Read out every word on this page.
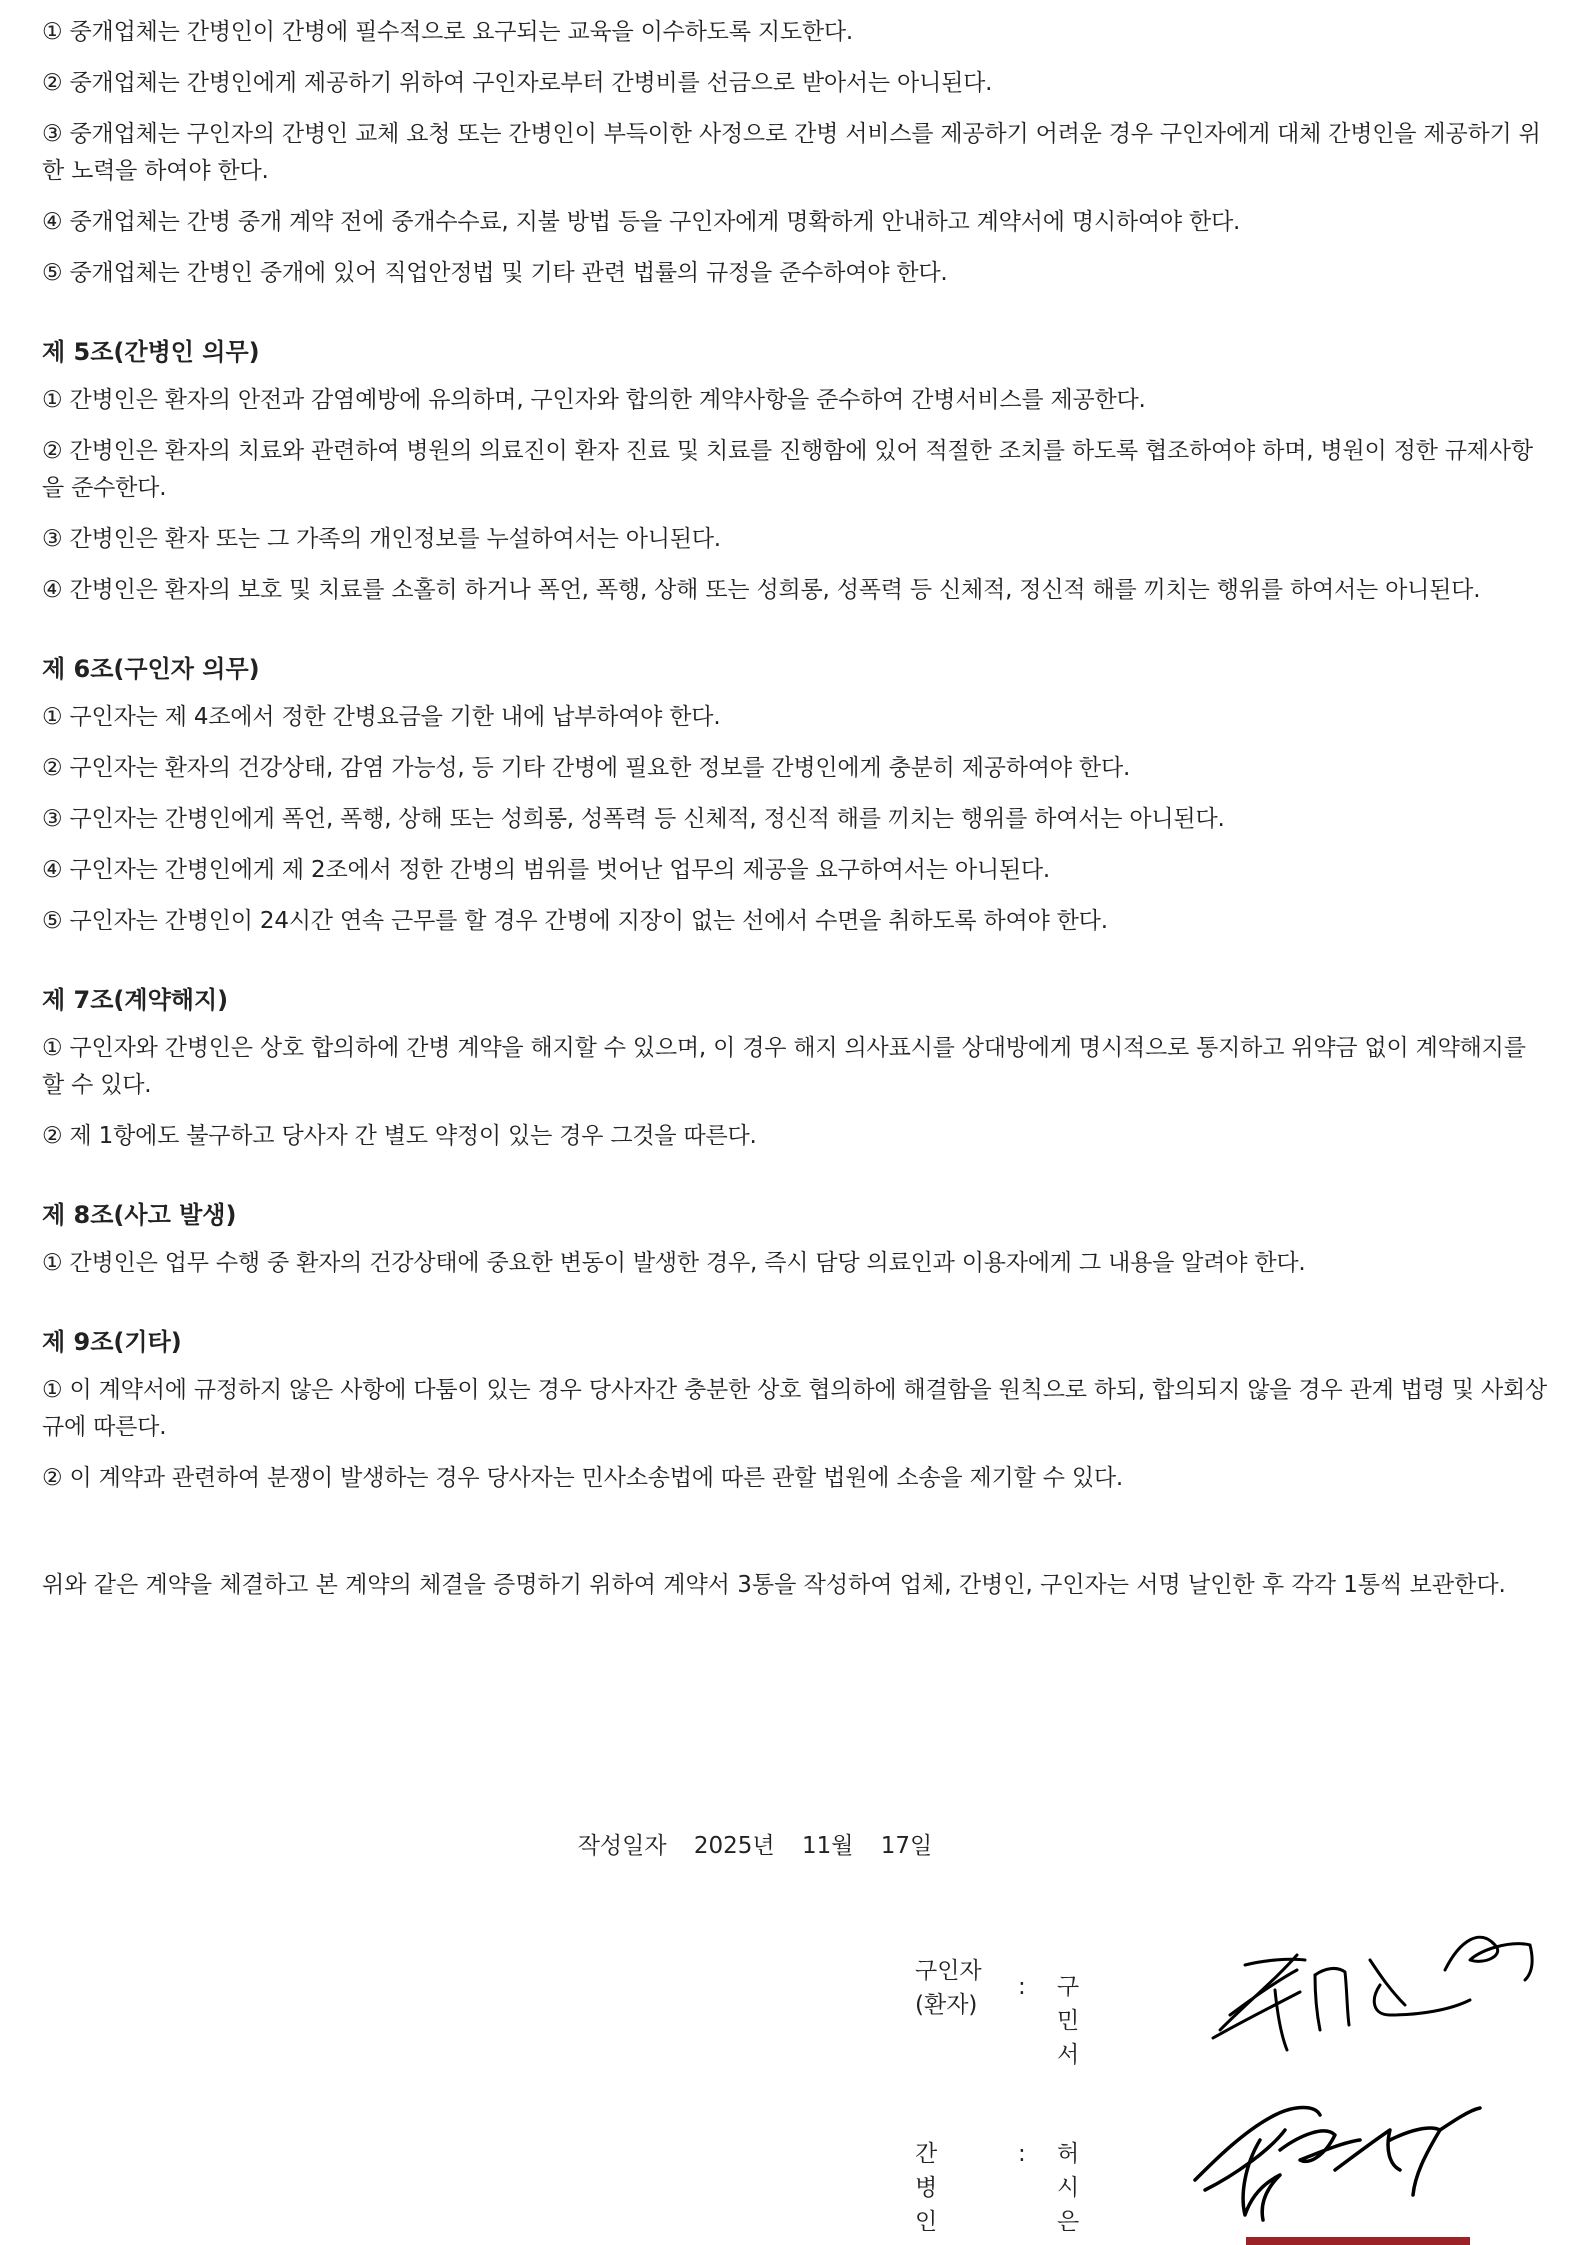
① 중개업체는 간병인이 간병에 필수적으로 요구되는 교육을 이수하도록 지도한다.

② 중개업체는 간병인에게 제공하기 위하여 구인자로부터 간병비를 선금으로 받아서는 아니된다.

③ 중개업체는 구인자의 간병인 교체 요청 또는 간병인이 부득이한 사정으로 간병 서비스를 제공하기 어려운 경우 구인자에게 대체 간병인을 제공하기 위한 노력을 하여야 한다.

④ 중개업체는 간병 중개 계약 전에 중개수수료, 지불 방법 등을 구인자에게 명확하게 안내하고 계약서에 명시하여야 한다.

⑤ 중개업체는 간병인 중개에 있어 직업안정법 및 기타 관련 법률의 규정을 준수하여야 한다.

제 5조(간병인 의무)

① 간병인은 환자의 안전과 감염예방에 유의하며, 구인자와 합의한 계약사항을 준수하여 간병서비스를 제공한다.

② 간병인은 환자의 치료와 관련하여 병원의 의료진이 환자 진료 및 치료를 진행함에 있어 적절한 조치를 하도록 협조하여야 하며, 병원이 정한 규제사항을 준수한다.

③ 간병인은 환자 또는 그 가족의 개인정보를 누설하여서는 아니된다.

④ 간병인은 환자의 보호 및 치료를 소홀히 하거나 폭언, 폭행, 상해 또는 성희롱, 성폭력 등 신체적, 정신적 해를 끼치는 행위를 하여서는 아니된다.

제 6조(구인자 의무)

① 구인자는 제 4조에서 정한 간병요금을 기한 내에 납부하여야 한다.

② 구인자는 환자의 건강상태, 감염 가능성, 등 기타 간병에 필요한 정보를 간병인에게 충분히 제공하여야 한다.

③ 구인자는 간병인에게 폭언, 폭행, 상해 또는 성희롱, 성폭력 등 신체적, 정신적 해를 끼치는 행위를 하여서는 아니된다.

④ 구인자는 간병인에게 제 2조에서 정한 간병의 범위를 벗어난 업무의 제공을 요구하여서는 아니된다.

⑤ 구인자는 간병인이 24시간 연속 근무를 할 경우 간병에 지장이 없는 선에서 수면을 취하도록 하여야 한다.

제 7조(계약해지)

① 구인자와 간병인은 상호 합의하에 간병 계약을 해지할 수 있으며, 이 경우 해지 의사표시를 상대방에게 명시적으로 통지하고 위약금 없이 계약해지를 할 수 있다.

② 제 1항에도 불구하고 당사자 간 별도 약정이 있는 경우 그것을 따른다.

제 8조(사고 발생)

① 간병인은 업무 수행 중 환자의 건강상태에 중요한 변동이 발생한 경우, 즉시 담당 의료인과 이용자에게 그 내용을 알려야 한다.

제 9조(기타)

① 이 계약서에 규정하지 않은 사항에 다툼이 있는 경우 당사자간 충분한 상호 협의하에 해결함을 원칙으로 하되, 합의되지 않을 경우 관계 법령 및 사회상규에 따른다.

② 이 계약과 관련하여 분쟁이 발생하는 경우 당사자는 민사소송법에 따른 관할 법원에 소송을 제기할 수 있다.

위와 같은 계약을 체결하고 본 계약의 체결을 증명하기 위하여 계약서 3통을 작성하여 업체, 간병인, 구인자는 서명 날인한 후 각각 1통씩 보관한다.

작성일자 2025년 11월 17일
구인자
(환자)
: 구민서
간병인
: 허시은
